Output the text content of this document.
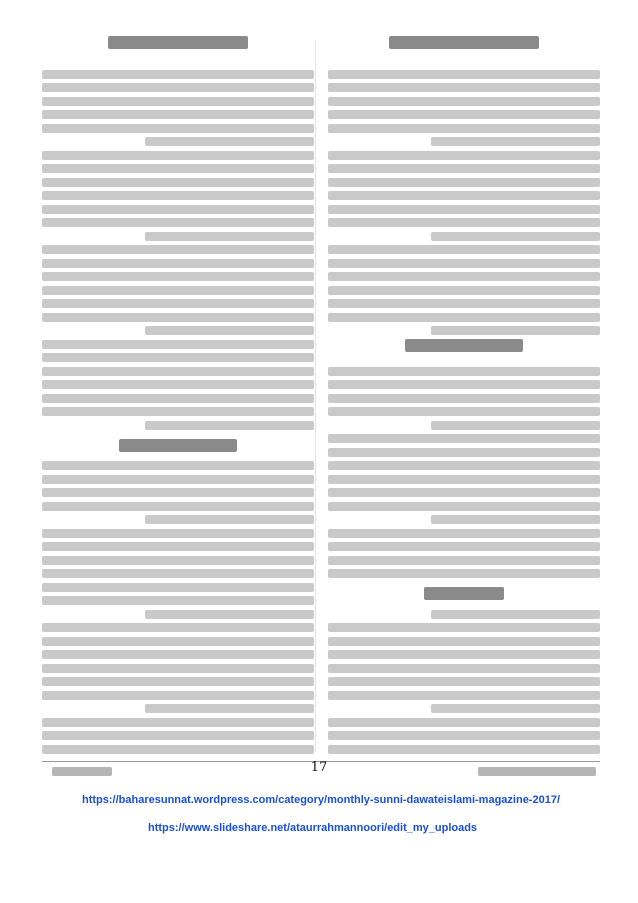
17
https://baharesunnat.wordpress.com/category/monthly-sunni-dawateislami-magazine-2017/
https://www.slideshare.net/ataurrahmannoori/edit_my_uploads
